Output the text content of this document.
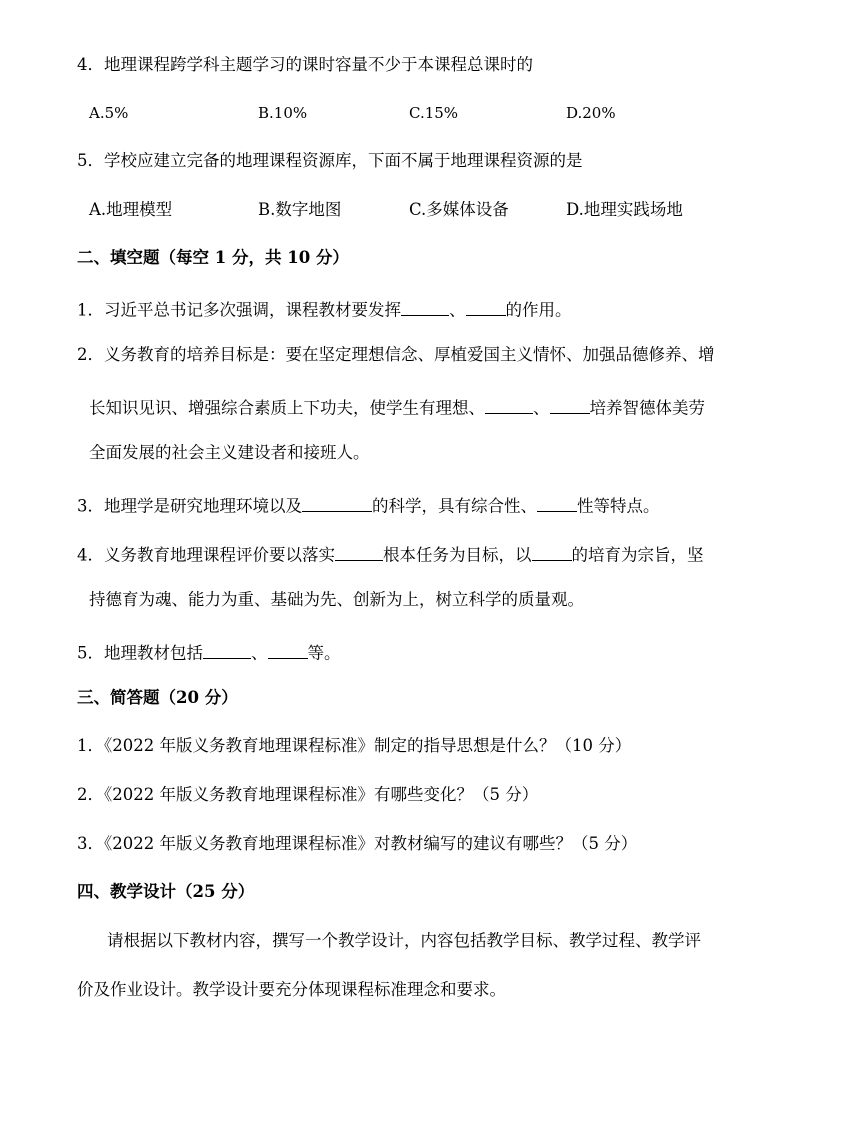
4．地理课程跨学科主题学习的课时容量不少于本课程总课时的
A.5%	B.10%	C.15%	D.20%
5．学校应建立完备的地理课程资源库，下面不属于地理课程资源的是
A.地理模型	B.数字地图	C.多媒体设备	D.地理实践场地
二、填空题（每空 1 分，共 10 分）
1．习近平总书记多次强调，课程教材要发挥	、 的作用。
2．义务教育的培养目标是：要在坚定理想信念、厚植爱国主义情怀、加强品德修养、增
长知识见识、增强综合素质上下功夫，使学生有理想、	、 培养智德体美劳
全面发展的社会主义建设者和接班人。
3．地理学是研究地理环境以及	的科学，具有综合性、 性等特点。
4．义务教育地理课程评价要以落实	根本任务为目标，以 的培育为宗旨，坚
持德育为魂、能力为重、基础为先、创新为上，树立科学的质量观。
5．地理教材包括	、 等。
三、简答题（20 分）
1．《2022 年版义务教育地理课程标准》制定的指导思想是什么？（10 分）
2．《2022 年版义务教育地理课程标准》有哪些变化？（5 分）
3．《2022 年版义务教育地理课程标准》对教材编写的建议有哪些？（5 分）
四、教学设计（25 分）
请根据以下教材内容，撰写一个教学设计，内容包括教学目标、教学过程、教学评
价及作业设计。教学设计要充分体现课程标准理念和要求。
